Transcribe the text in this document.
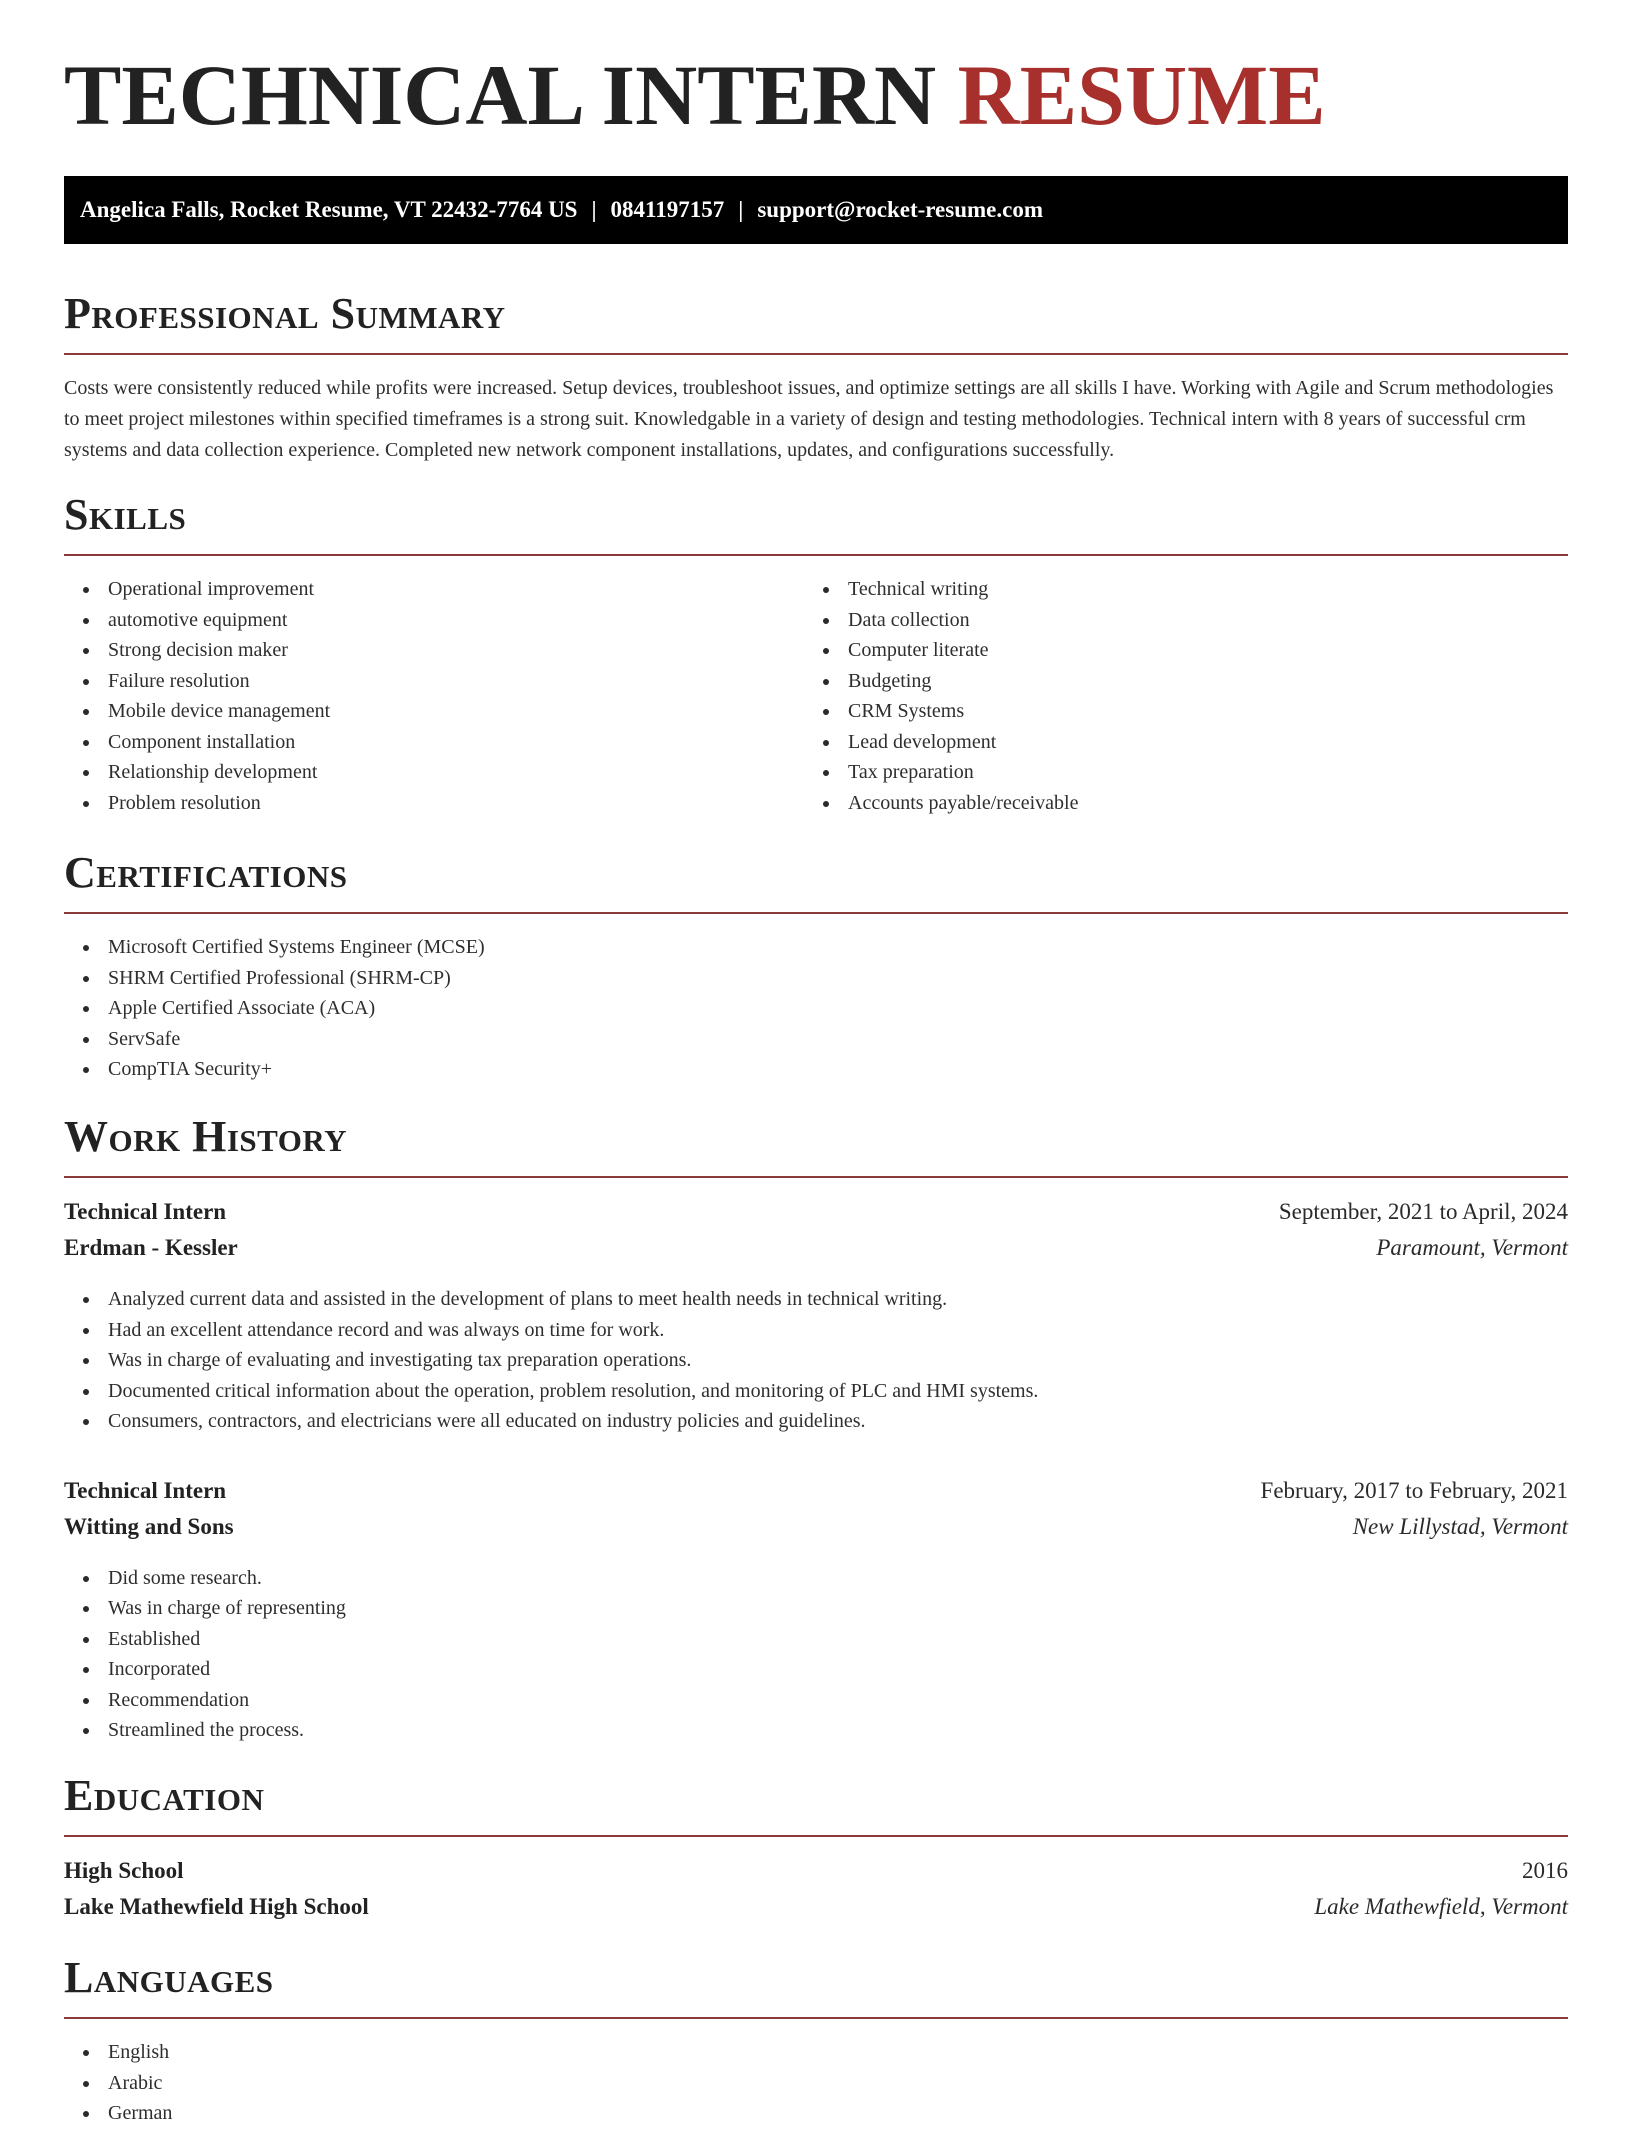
TECHNICAL INTERN RESUME
Angelica Falls, Rocket Resume, VT 22432-7764 US | 0841197157 | support@rocket-resume.com
Professional Summary
Costs were consistently reduced while profits were increased. Setup devices, troubleshoot issues, and optimize settings are all skills I have. Working with Agile and Scrum methodologies to meet project milestones within specified timeframes is a strong suit. Knowledgable in a variety of design and testing methodologies. Technical intern with 8 years of successful crm systems and data collection experience. Completed new network component installations, updates, and configurations successfully.
Skills
Operational improvement
automotive equipment
Strong decision maker
Failure resolution
Mobile device management
Component installation
Relationship development
Problem resolution
Technical writing
Data collection
Computer literate
Budgeting
CRM Systems
Lead development
Tax preparation
Accounts payable/receivable
Certifications
Microsoft Certified Systems Engineer (MCSE)
SHRM Certified Professional (SHRM-CP)
Apple Certified Associate (ACA)
ServSafe
CompTIA Security+
Work History
Technical Intern	September, 2021 to April, 2024
Erdman - Kessler	Paramount, Vermont
Analyzed current data and assisted in the development of plans to meet health needs in technical writing.
Had an excellent attendance record and was always on time for work.
Was in charge of evaluating and investigating tax preparation operations.
Documented critical information about the operation, problem resolution, and monitoring of PLC and HMI systems.
Consumers, contractors, and electricians were all educated on industry policies and guidelines.
Technical Intern	February, 2017 to February, 2021
Witting and Sons	New Lillystad, Vermont
Did some research.
Was in charge of representing
Established
Incorporated
Recommendation
Streamlined the process.
Education
High School	2016
Lake Mathewfield High School	Lake Mathewfield, Vermont
Languages
English
Arabic
German
